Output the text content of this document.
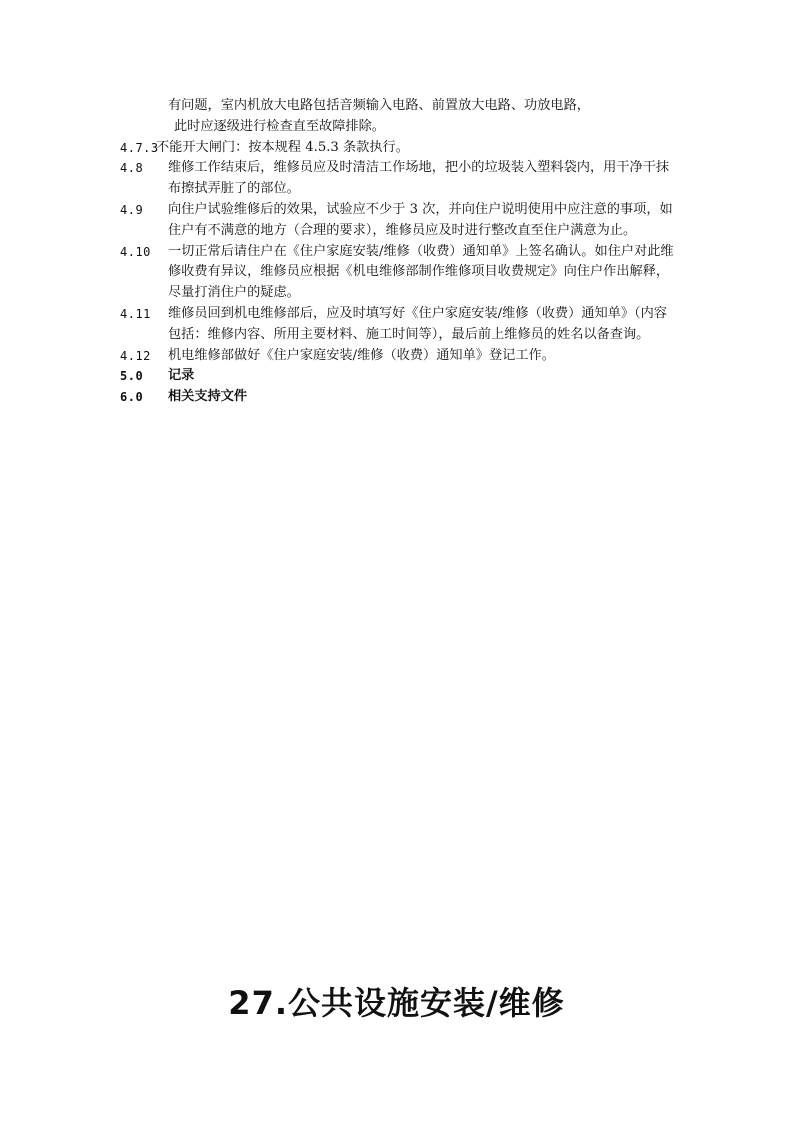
有问题，室内机放大电路包括音频输入电路、前置放大电路、功放电路，
此时应逐级进行检查直至故障排除。
4.7.3
不能开大闸门：按本规程 4.5.3 条款执行。
4.8	维修工作结束后，维修员应及时清洁工作场地，把小的垃圾装入塑料袋内，用干净干抹布擦拭弄脏了的部位。
4.9	向住户试验维修后的效果，试验应不少于 3 次，并向住户说明使用中应注意的事项，如住户有不满意的地方（合理的要求），维修员应及时进行整改直至住户满意为止。
4.10	一切正常后请住户在《住户家庭安装/维修（收费）通知单》上签名确认。如住户对此维修收费有异议，维修员应根据《机电维修部制作维修项目收费规定》向住户作出解释，尽量打消住户的疑虑。
4.11	维修员回到机电维修部后，应及时填写好《住户家庭安装/维修（收费）通知单》（内容包括：维修内容、所用主要材料、施工时间等），最后前上维修员的姓名以备查询。
4.12	机电维修部做好《住户家庭安装/维修（收费）通知单》登记工作。
5.0	记录
6.0	相关支持文件
27.公共设施安装/维修
